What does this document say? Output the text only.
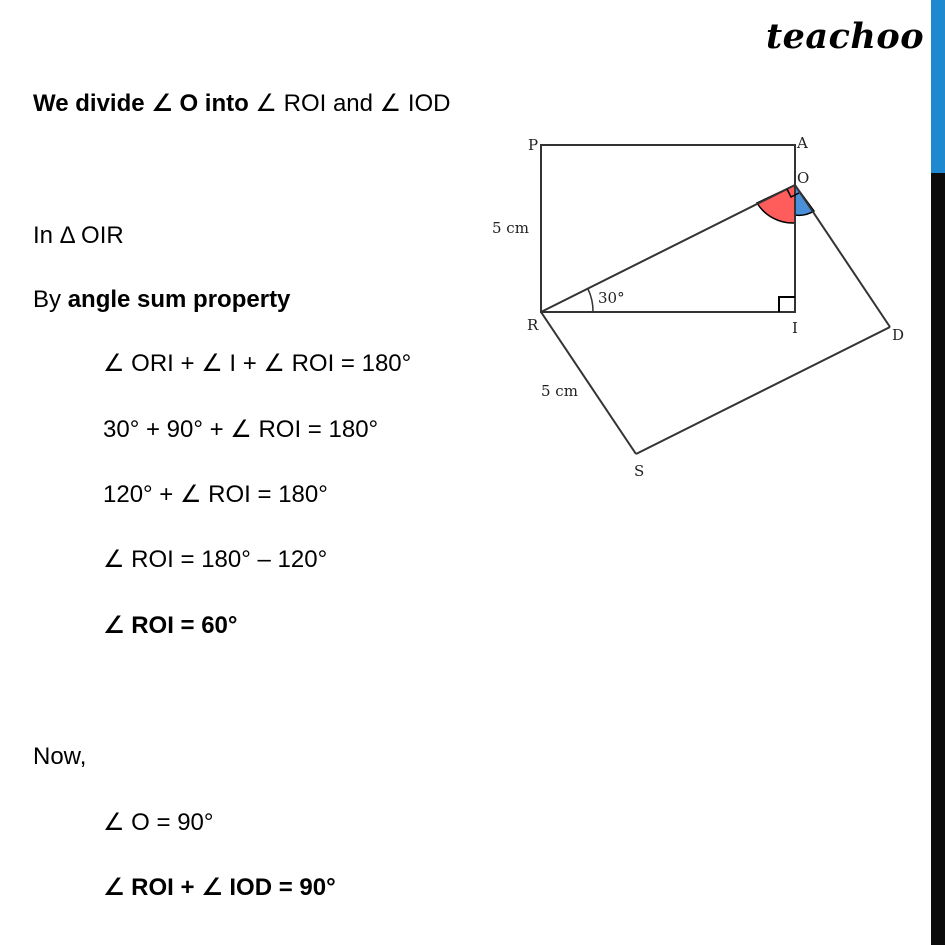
teachoo
We divide ∠ O into ∠ ROI and ∠ IOD
In Δ OIR
By angle sum property
∠ ORI + ∠ I + ∠ ROI = 180°
30° + 90° + ∠ ROI = 180°
120° + ∠ ROI = 180°
∠ ROI = 180° – 120°
∠ ROI = 60°
Now,
∠ O = 90°
∠ ROI + ∠ IOD = 90°
P	A
O
R	I	D
S
5 cm
5 cm
30°
